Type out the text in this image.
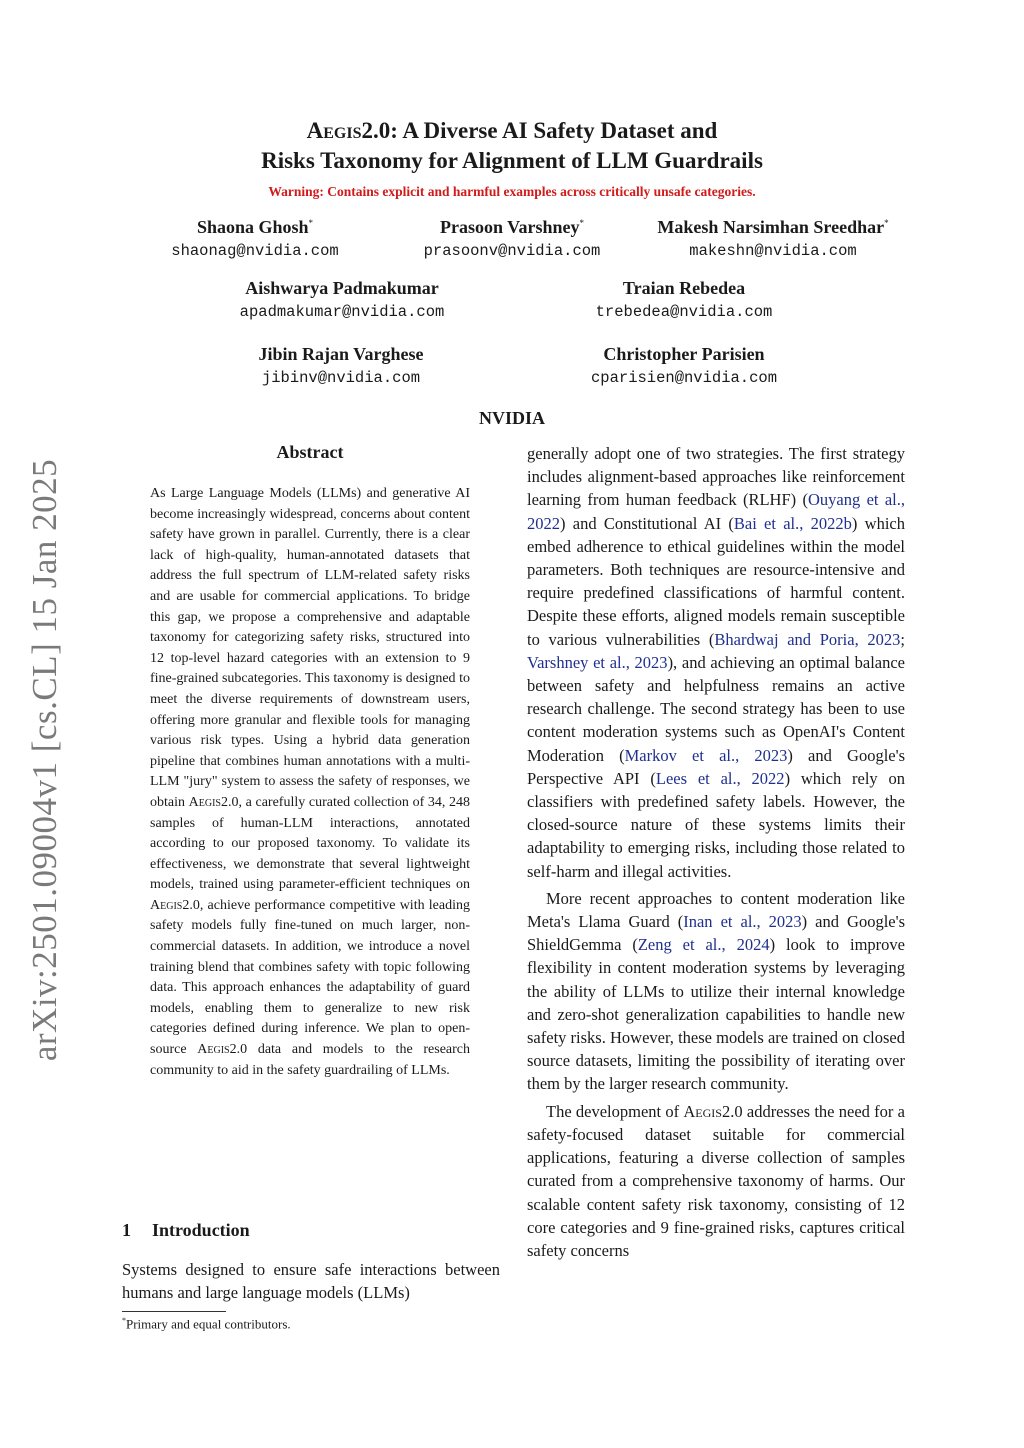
arXiv:2501.09004v1 [cs.CL] 15 Jan 2025
Aegis2.0: A Diverse AI Safety Dataset and
Risks Taxonomy for Alignment of LLM Guardrails
Warning: Contains explicit and harmful examples across critically unsafe categories.
Shaona Ghosh*
shaonag@nvidia.com
Prasoon Varshney*
prasoonv@nvidia.com
Makesh Narsimhan Sreedhar*
makeshn@nvidia.com
Aishwarya Padmakumar
apadmakumar@nvidia.com
Traian Rebedea
trebedea@nvidia.com
Jibin Rajan Varghese
jibinv@nvidia.com
Christopher Parisien
cparisien@nvidia.com
NVIDIA
Abstract
As Large Language Models (LLMs) and generative AI become increasingly widespread, concerns about content safety have grown in parallel. Currently, there is a clear lack of high-quality, human-annotated datasets that address the full spectrum of LLM-related safety risks and are usable for commercial applications. To bridge this gap, we propose a comprehensive and adaptable taxonomy for categorizing safety risks, structured into 12 top-level hazard categories with an extension to 9 fine-grained subcategories. This taxonomy is designed to meet the diverse requirements of downstream users, offering more granular and flexible tools for managing various risk types. Using a hybrid data generation pipeline that combines human annotations with a multi-LLM "jury" system to assess the safety of responses, we obtain Aegis2.0, a carefully curated collection of 34, 248 samples of human-LLM interactions, annotated according to our proposed taxonomy. To validate its effectiveness, we demonstrate that several lightweight models, trained using parameter-efficient techniques on Aegis2.0, achieve performance competitive with leading safety models fully fine-tuned on much larger, non-commercial datasets. In addition, we introduce a novel training blend that combines safety with topic following data. This approach enhances the adaptability of guard models, enabling them to generalize to new risk categories defined during inference. We plan to open-source Aegis2.0 data and models to the research community to aid in the safety guardrailing of LLMs.
1 Introduction
Systems designed to ensure safe interactions between humans and large language models (LLMs)
*Primary and equal contributors.

generally adopt one of two strategies. The first strategy includes alignment-based approaches like reinforcement learning from human feedback (RLHF) (Ouyang et al., 2022) and Constitutional AI (Bai et al., 2022b) which embed adherence to ethical guidelines within the model parameters. Both techniques are resource-intensive and require predefined classifications of harmful content. Despite these efforts, aligned models remain susceptible to various vulnerabilities (Bhardwaj and Poria, 2023; Varshney et al., 2023), and achieving an optimal balance between safety and helpfulness remains an active research challenge. The second strategy has been to use content moderation systems such as OpenAI's Content Moderation (Markov et al., 2023) and Google's Perspective API (Lees et al., 2022) which rely on classifiers with predefined safety labels. However, the closed-source nature of these systems limits their adaptability to emerging risks, including those related to self-harm and illegal activities.

More recent approaches to content moderation like Meta's Llama Guard (Inan et al., 2023) and Google's ShieldGemma (Zeng et al., 2024) look to improve flexibility in content moderation systems by leveraging the ability of LLMs to utilize their internal knowledge and zero-shot generalization capabilities to handle new safety risks. However, these models are trained on closed source datasets, limiting the possibility of iterating over them by the larger research community.

The development of Aegis2.0 addresses the need for a safety-focused dataset suitable for commercial applications, featuring a diverse collection of samples curated from a comprehensive taxonomy of harms. Our scalable content safety risk taxonomy, consisting of 12 core categories and 9 fine-grained risks, captures critical safety concerns
